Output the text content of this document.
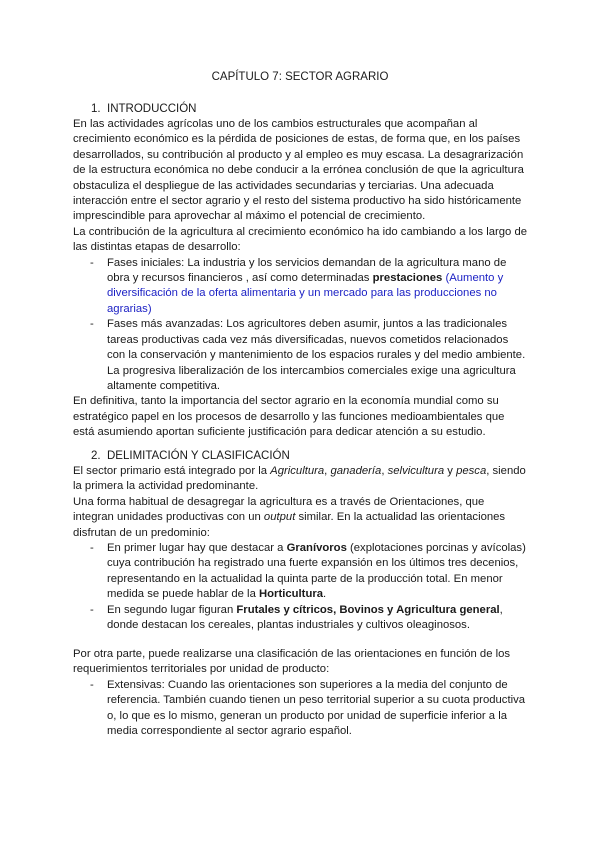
CAPÍTULO 7: SECTOR AGRARIO
1. INTRODUCCIÓN

En las actividades agrícolas uno de los cambios estructurales que acompañan al crecimiento económico es la pérdida de posiciones de estas, de forma que, en los países desarrollados, su contribución al producto y al empleo es muy escasa. La desagrarización de la estructura económica no debe conducir a la errónea conclusión de que la agricultura obstaculiza el despliegue de las actividades secundarias y terciarias. Una adecuada interacción entre el sector agrario y el resto del sistema productivo ha sido históricamente imprescindible para aprovechar al máximo el potencial de crecimiento.

La contribución de la agricultura al crecimiento económico ha ido cambiando a los largo de las distintas etapas de desarrollo:

- Fases iniciales: La industria y los servicios demandan de la agricultura mano de obra y recursos financieros , así como determinadas prestaciones (Aumento y diversificación de la oferta alimentaria y un mercado para las producciones no agrarias)
- Fases más avanzadas: Los agricultores deben asumir, juntos a las tradicionales tareas productivas cada vez más diversificadas, nuevos cometidos relacionados con la conservación y mantenimiento de los espacios rurales y del medio ambiente. La progresiva liberalización de los intercambios comerciales exige una agricultura altamente competitiva.

En definitiva, tanto la importancia del sector agrario en la economía mundial como su estratégico papel en los procesos de desarrollo y las funciones medioambientales que está asumiendo aportan suficiente justificación para dedicar atención a su estudio.

2. DELIMITACIÓN Y CLASIFICACIÓN

El sector primario está integrado por la Agricultura, ganadería, selvicultura y pesca, siendo la primera la actividad predominante.

Una forma habitual de desagregar la agricultura es a través de Orientaciones, que integran unidades productivas con un output similar. En la actualidad las orientaciones disfrutan de un predominio:

- En primer lugar hay que destacar a Granívoros (explotaciones porcinas y avícolas) cuya contribución ha registrado una fuerte expansión en los últimos tres decenios, representando en la actualidad la quinta parte de la producción total. En menor medida se puede hablar de la Horticultura.
- En segundo lugar figuran Frutales y cítricos, Bovinos y Agricultura general, donde destacan los cereales, plantas industriales y cultivos oleaginosos.

Por otra parte, puede realizarse una clasificación de las orientaciones en función de los requerimientos territoriales por unidad de producto:

- Extensivas: Cuando las orientaciones son superiores a la media del conjunto de referencia. También cuando tienen un peso territorial superior a su cuota productiva o, lo que es lo mismo, generan un producto por unidad de superficie inferior a la media correspondiente al sector agrario español.
